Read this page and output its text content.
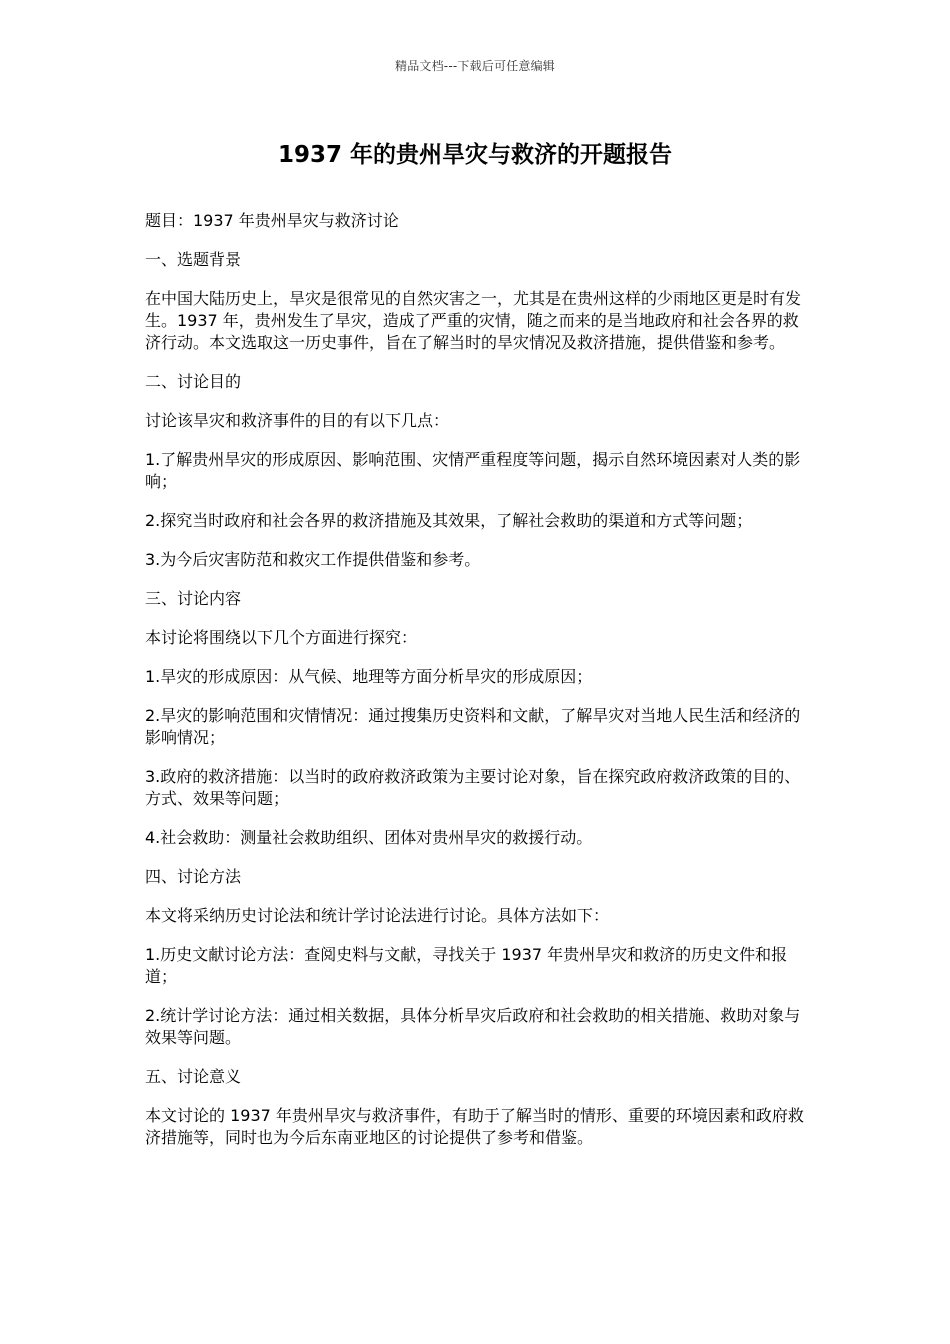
精品文档---下载后可任意编辑
1937 年的贵州旱灾与救济的开题报告

题目：1937 年贵州旱灾与救济讨论

一、选题背景

在中国大陆历史上，旱灾是很常见的自然灾害之一，尤其是在贵州这样的少雨地区更是时有发生。1937 年，贵州发生了旱灾，造成了严重的灾情，随之而来的是当地政府和社会各界的救济行动。本文选取这一历史事件，旨在了解当时的旱灾情况及救济措施，提供借鉴和参考。

二、讨论目的

讨论该旱灾和救济事件的目的有以下几点：

1.了解贵州旱灾的形成原因、影响范围、灾情严重程度等问题，揭示自然环境因素对人类的影响；

2.探究当时政府和社会各界的救济措施及其效果，了解社会救助的渠道和方式等问题；

3.为今后灾害防范和救灾工作提供借鉴和参考。

三、讨论内容

本讨论将围绕以下几个方面进行探究：

1.旱灾的形成原因：从气候、地理等方面分析旱灾的形成原因；

2.旱灾的影响范围和灾情情况：通过搜集历史资料和文献，了解旱灾对当地人民生活和经济的影响情况；

3.政府的救济措施：以当时的政府救济政策为主要讨论对象，旨在探究政府救济政策的目的、方式、效果等问题；

4.社会救助：测量社会救助组织、团体对贵州旱灾的救援行动。

四、讨论方法

本文将采纳历史讨论法和统计学讨论法进行讨论。具体方法如下：

1.历史文献讨论方法：查阅史料与文献，寻找关于 1937 年贵州旱灾和救济的历史文件和报道；

2.统计学讨论方法：通过相关数据，具体分析旱灾后政府和社会救助的相关措施、救助对象与效果等问题。

五、讨论意义

本文讨论的 1937 年贵州旱灾与救济事件，有助于了解当时的情形、重要的环境因素和政府救济措施等，同时也为今后东南亚地区的讨论提供了参考和借鉴。
